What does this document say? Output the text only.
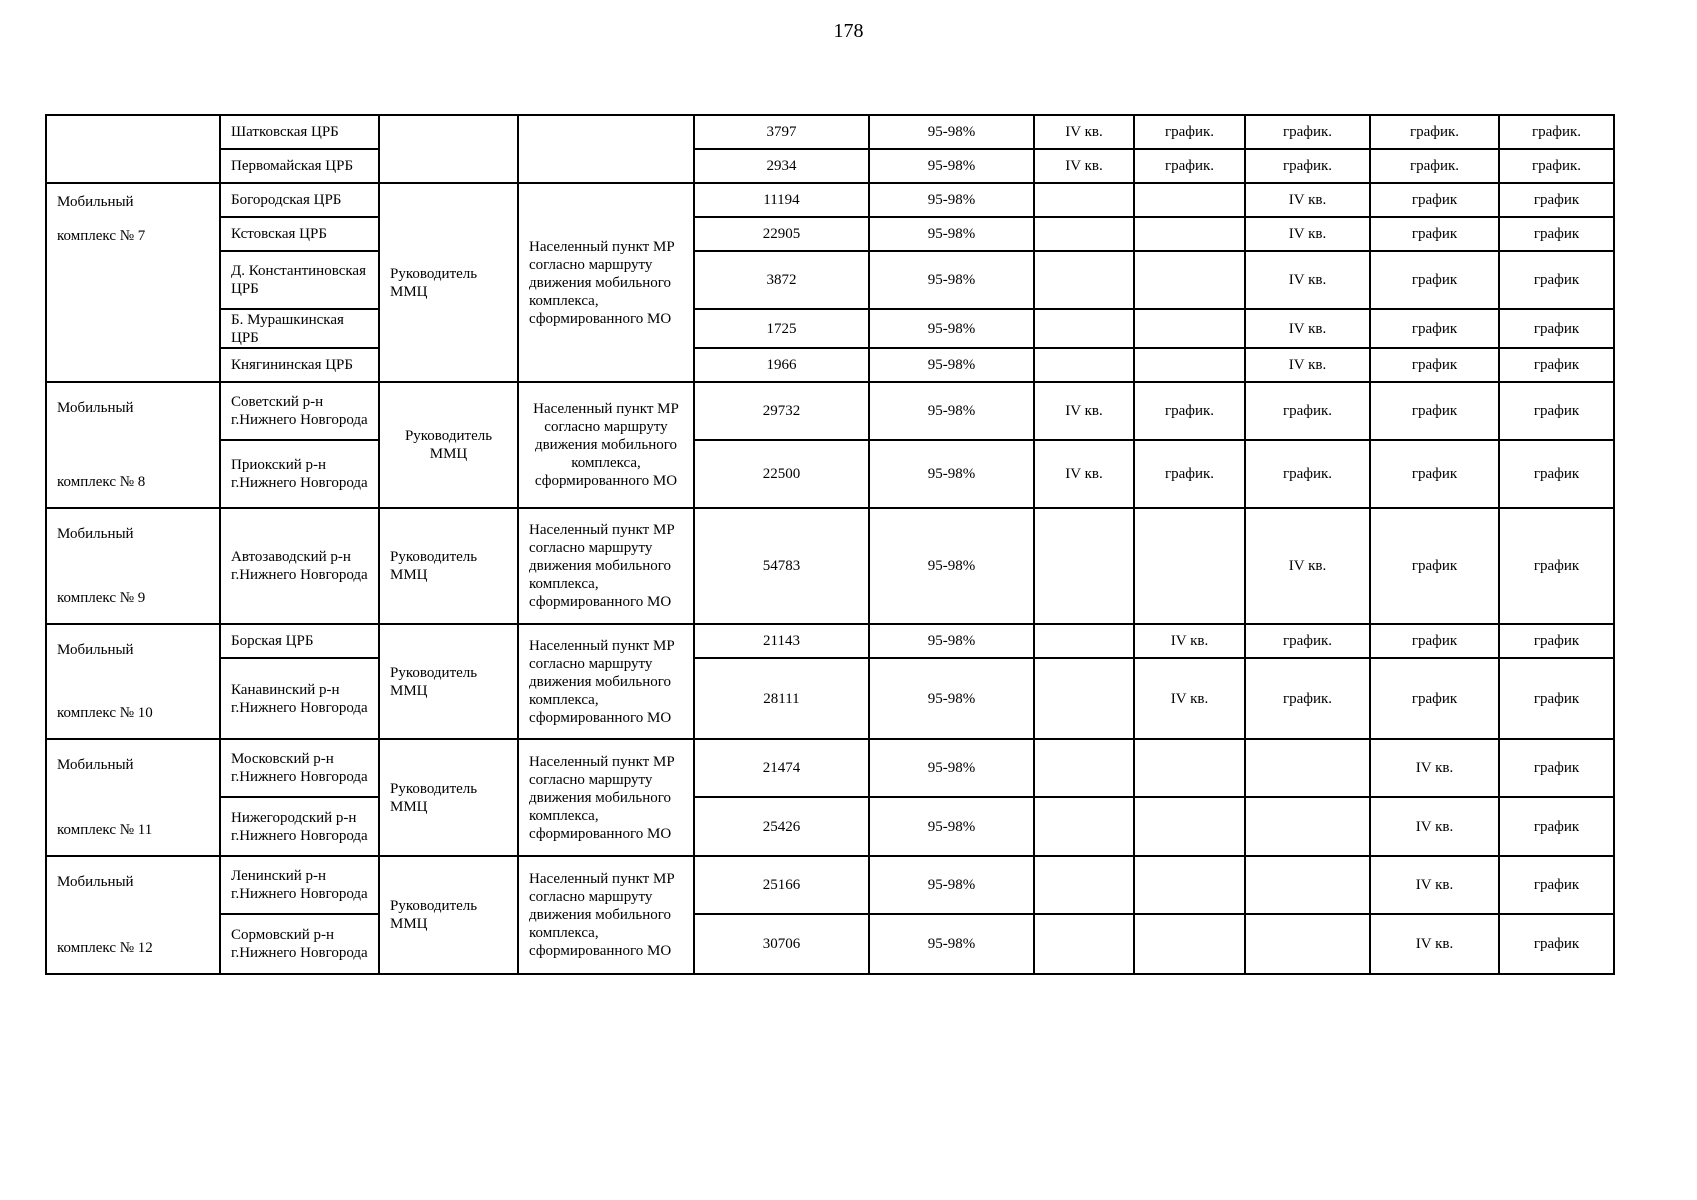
178
	Шатковская ЦРБ			3797	95-98%	IV кв.	график.	график.	график.	график.
	Первомайская ЦРБ			2934	95-98%	IV кв.	график.	график.	график.	график.

Мобильный
комплекс № 7	Богородская ЦРБ	Руководитель ММЦ	Населенный пункт МР согласно маршруту движения мобильного комплекса, сформированного МО	11194	95-98%			IV кв.	график	график
	Кстовская ЦРБ			22905	95-98%			IV кв.	график	график
	Д. Константиновская ЦРБ			3872	95-98%			IV кв.	график	график
	Б. Мурашкинская ЦРБ			1725	95-98%			IV кв.	график	график
	Княгининская ЦРБ			1966	95-98%			IV кв.	график	график

Мобильный
комплекс № 8	Советский р-н г.Нижнего Новгорода	Руководитель ММЦ	Населенный пункт МР согласно маршруту движения мобильного комплекса, сформированного МО	29732	95-98%	IV кв.	график.	график.	график	график
	Приокский р-н г.Нижнего Новгорода			22500	95-98%	IV кв.	график.	график.	график	график

Мобильный
комплекс № 9	Автозаводский р-н г.Нижнего Новгорода	Руководитель ММЦ	Населенный пункт МР согласно маршруту движения мобильного комплекса, сформированного МО	54783	95-98%			IV кв.	график	график

Мобильный
комплекс № 10	Борская ЦРБ	Руководитель ММЦ	Населенный пункт МР согласно маршруту движения мобильного комплекса, сформированного МО	21143	95-98%		IV кв.	график.	график	график
	Канавинский р-н г.Нижнего Новгорода			28111	95-98%		IV кв.	график.	график	график

Мобильный
комплекс № 11	Московский р-н г.Нижнего Новгорода	Руководитель ММЦ	Населенный пункт МР согласно маршруту движения мобильного комплекса, сформированного МО	21474	95-98%				IV кв.	график
	Нижегородский р-н г.Нижнего Новгорода			25426	95-98%				IV кв.	график

Мобильный
комплекс № 12	Ленинский р-н г.Нижнего Новгорода	Руководитель ММЦ	Населенный пункт МР согласно маршруту движения мобильного комплекса, сформированного МО	25166	95-98%				IV кв.	график
	Сормовский р-н г.Нижнего Новгорода			30706	95-98%				IV кв.	график
